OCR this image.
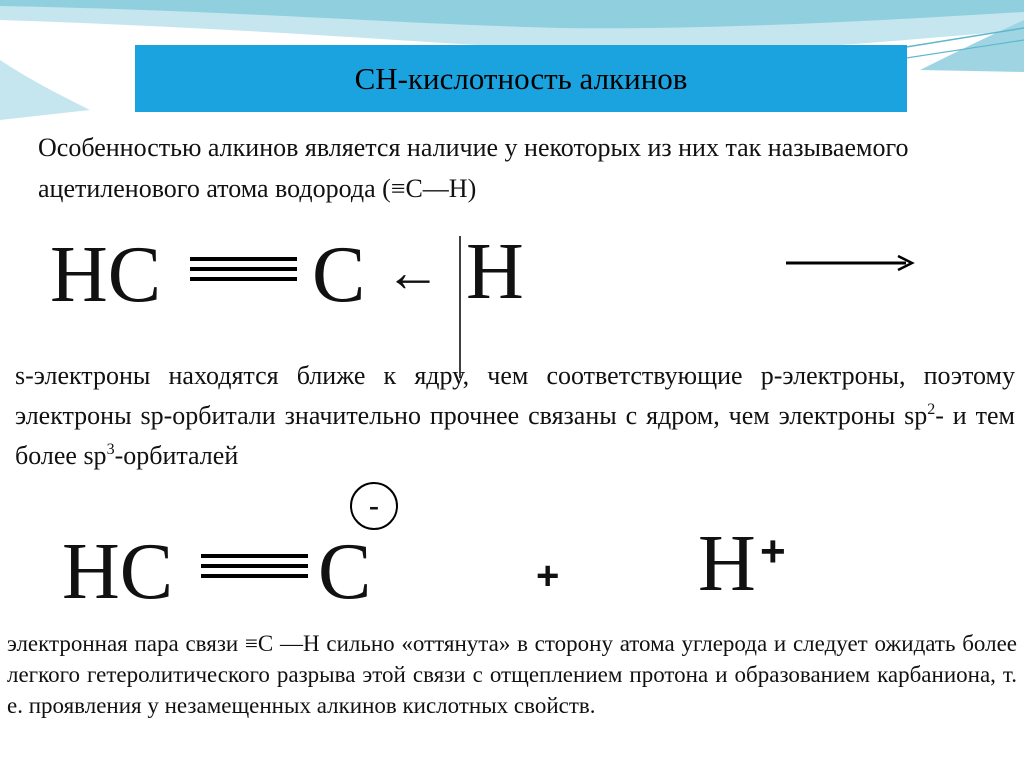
CH-кислотность алкинов
Особенностью алкинов является наличие у некоторых из них так называемого ацетиленового атома водорода (≡С—Н)
HC C ← H
s-электроны находятся ближе к ядру, чем соответствующие р-электроны, поэтому электроны sp-орбитали значительно прочнее связаны с ядром, чем электроны $sp^2-$ и тем более $sp^3$-орбиталей
-
HC C	+ H +
электронная пара связи ≡С —Н сильно «оттянута» в сторону атома углерода и следует ожидать более легкого гетеролитического разрыва этой связи с отщеплением протона и образованием карбаниона, т. е. проявления у незамещенных алкинов кислотных свойств.
